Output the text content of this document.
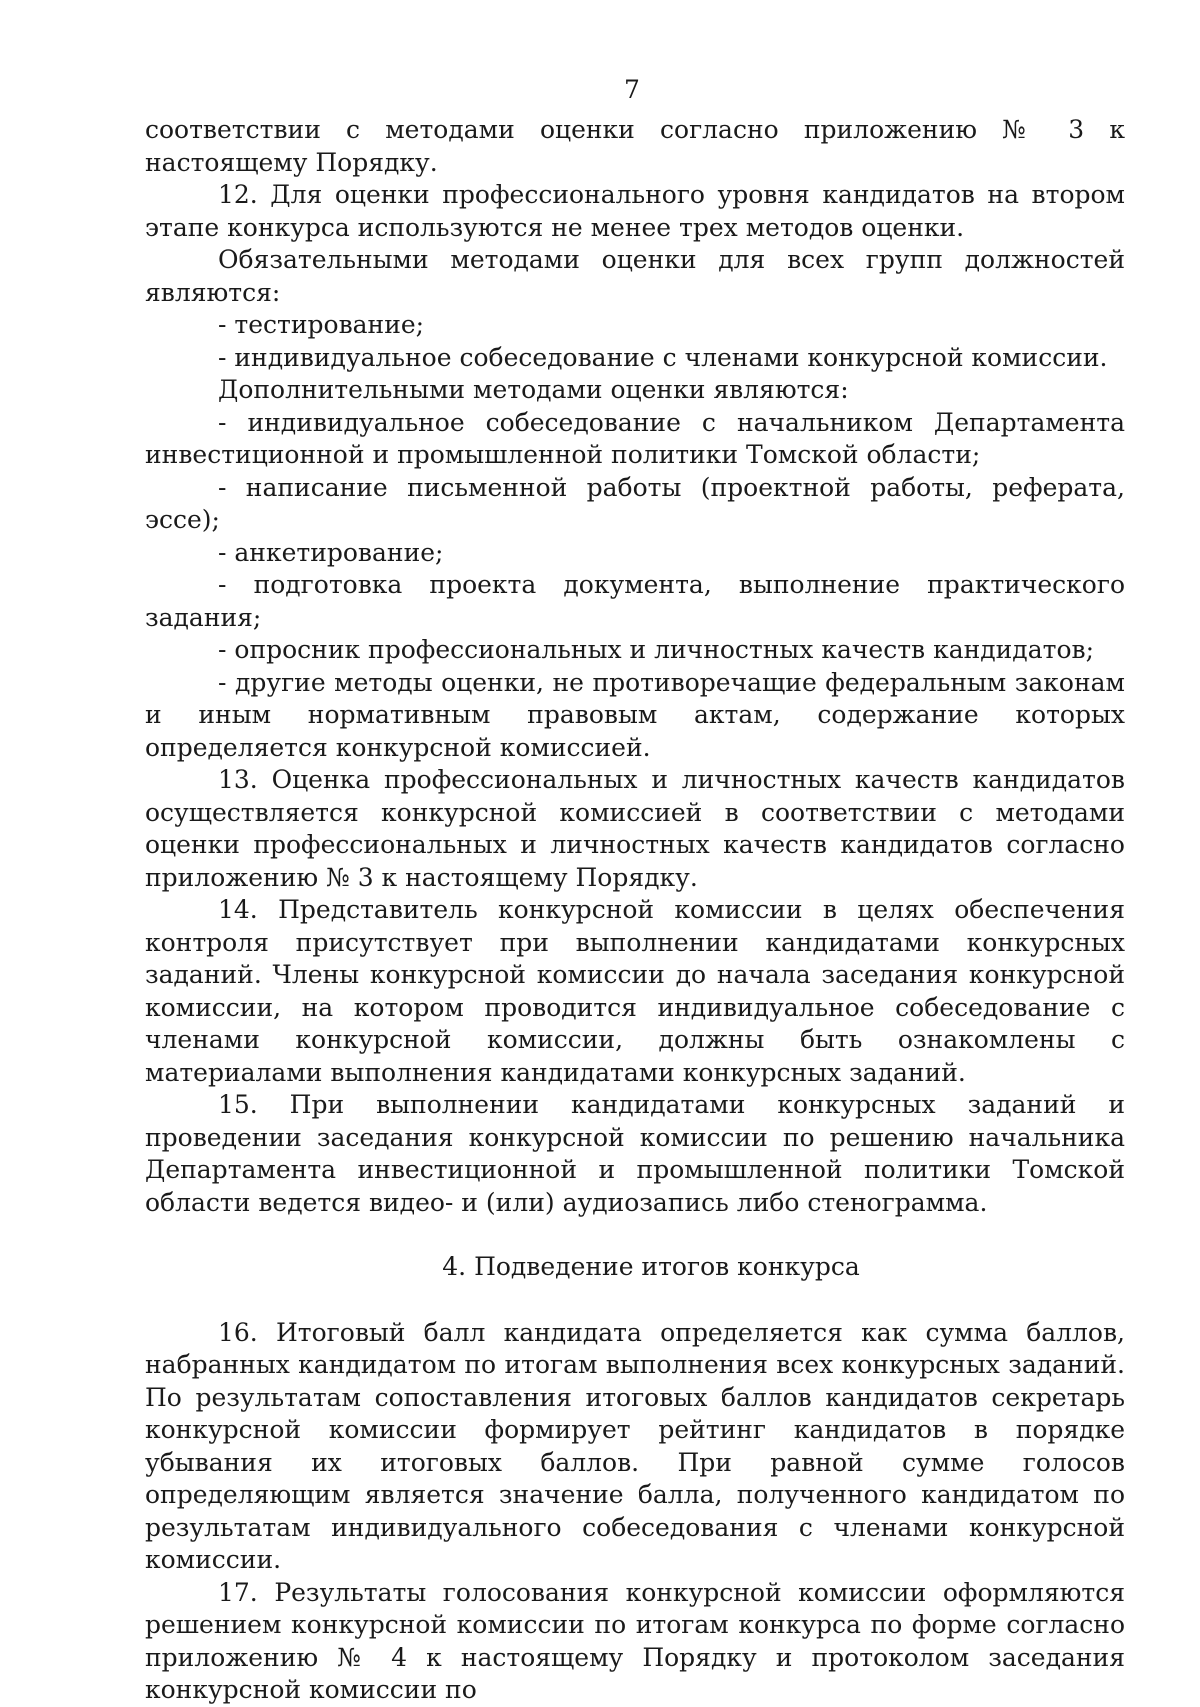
7

соответствии с методами оценки согласно приложению № 3 к настоящему Порядку.

12. Для оценки профессионального уровня кандидатов на втором этапе конкурса используются не менее трех методов оценки.

Обязательными методами оценки для всех групп должностей являются:

- тестирование;

- индивидуальное собеседование с членами конкурсной комиссии.

Дополнительными методами оценки являются:

- индивидуальное собеседование с начальником Департамента инвестиционной и промышленной политики Томской области;

- написание письменной работы (проектной работы, реферата, эссе);

- анкетирование;

- подготовка проекта документа, выполнение практического задания;

- опросник профессиональных и личностных качеств кандидатов;

- другие методы оценки, не противоречащие федеральным законам и иным нормативным правовым актам, содержание которых определяется конкурсной комиссией.

13. Оценка профессиональных и личностных качеств кандидатов осуществляется конкурсной комиссией в соответствии с методами оценки профессиональных и личностных качеств кандидатов согласно приложению № 3 к настоящему Порядку.

14. Представитель конкурсной комиссии в целях обеспечения контроля присутствует при выполнении кандидатами конкурсных заданий. Члены конкурсной комиссии до начала заседания конкурсной комиссии, на котором проводится индивидуальное собеседование с членами конкурсной комиссии, должны быть ознакомлены с материалами выполнения кандидатами конкурсных заданий.

15. При выполнении кандидатами конкурсных заданий и проведении заседания конкурсной комиссии по решению начальника Департамента инвестиционной и промышленной политики Томской области ведется видео- и (или) аудиозапись либо стенограмма.

4. Подведение итогов конкурса

16. Итоговый балл кандидата определяется как сумма баллов, набранных кандидатом по итогам выполнения всех конкурсных заданий. По результатам сопоставления итоговых баллов кандидатов секретарь конкурсной комиссии формирует рейтинг кандидатов в порядке убывания их итоговых баллов. При равной сумме голосов определяющим является значение балла, полученного кандидатом по результатам индивидуального собеседования с членами конкурсной комиссии.

17. Результаты голосования конкурсной комиссии оформляются решением конкурсной комиссии по итогам конкурса по форме согласно приложению № 4 к настоящему Порядку и протоколом заседания конкурсной комиссии по
